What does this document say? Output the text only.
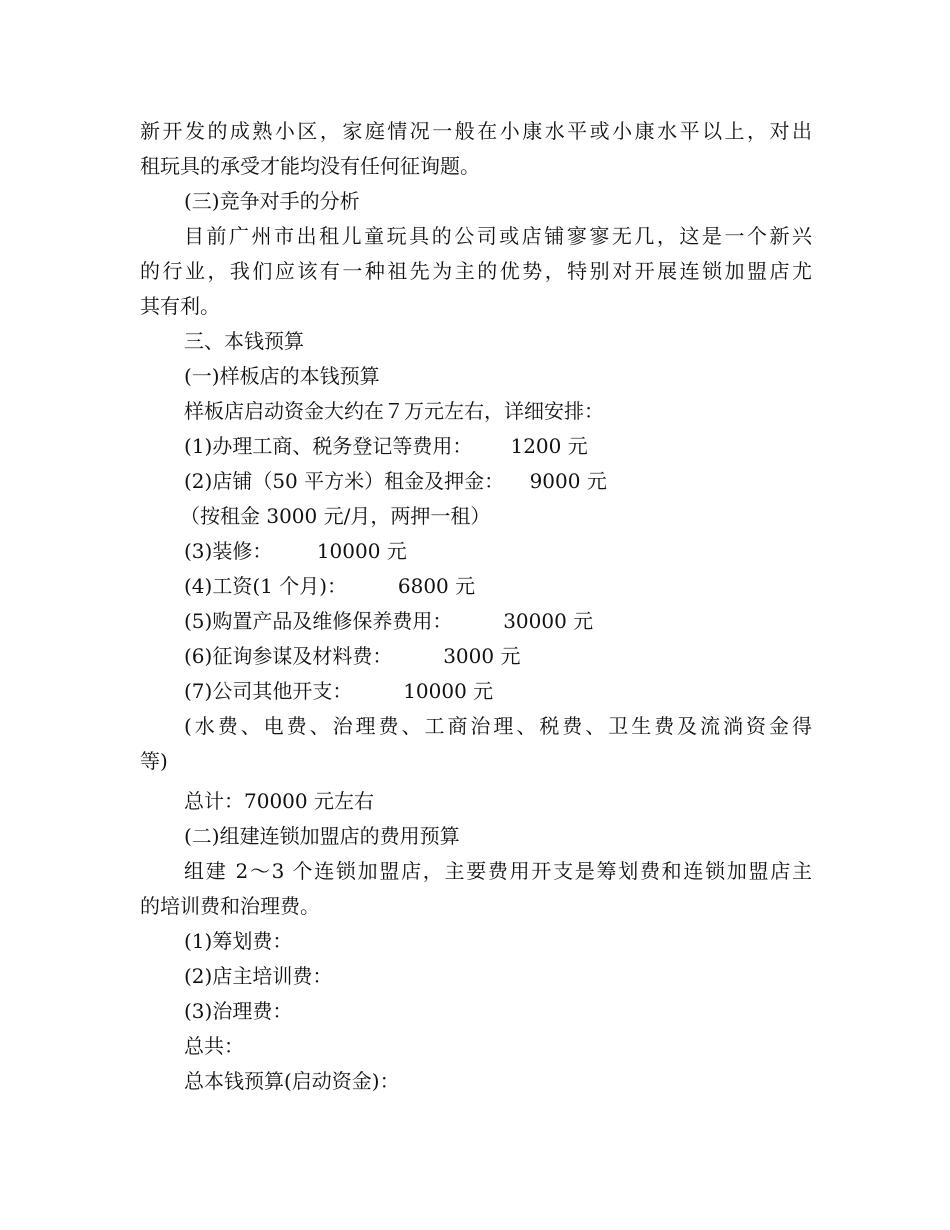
新开发的成熟小区，家庭情况一般在小康水平或小康水平以上，对出
租玩具的承受才能均没有任何征询题。
(三)竞争对手的分析
目前广州市出租儿童玩具的公司或店铺寥寥无几，这是一个新兴
的行业，我们应该有一种祖先为主的优势，特别对开展连锁加盟店尤
其有利。
三、本钱预算
(一)样板店的本钱预算
样板店启动资金大约在７万元左右，详细安排：
(1)办理工商、税务登记等费用：      1200 元
(2)店铺（50 平方米）租金及押金：    9000 元
（按租金 3000 元/月，两押一租）
(3)装修：       10000 元
(4)工资(1 个月)：        6800 元
(5)购置产品及维修保养费用：        30000 元
(6)征询参谋及材料费：        3000 元
(7)公司其他开支：        10000 元
(水费、电费、治理费、工商治理、税费、卫生费及流淌资金得
等)
总计：70000 元左右
(二)组建连锁加盟店的费用预算
组建 2～3 个连锁加盟店，主要费用开支是筹划费和连锁加盟店主
的培训费和治理费。
(1)筹划费：
(2)店主培训费：
(3)治理费：
总共：
总本钱预算(启动资金)：
